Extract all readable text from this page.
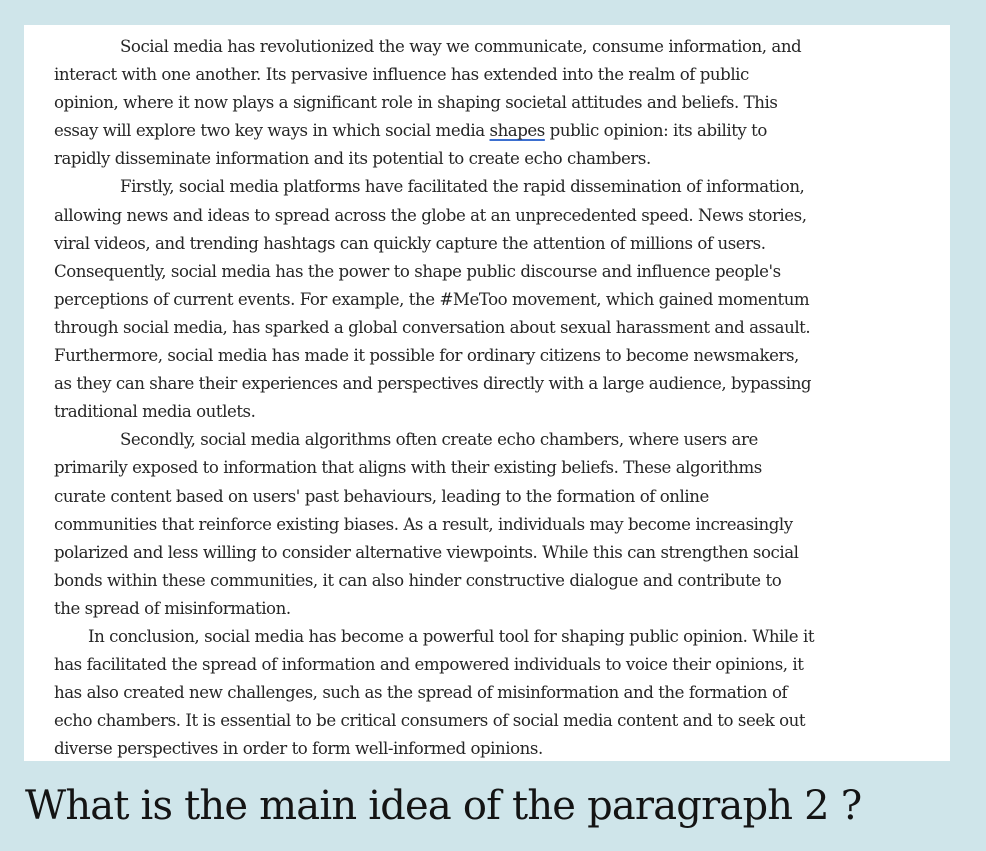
Social media has revolutionized the way we communicate, consume information, and
interact with one another. Its pervasive influence has extended into the realm of public
opinion, where it now plays a significant role in shaping societal attitudes and beliefs. This
essay will explore two key ways in which social media shapes public opinion: its ability to
rapidly disseminate information and its potential to create echo chambers.
Firstly, social media platforms have facilitated the rapid dissemination of information,
allowing news and ideas to spread across the globe at an unprecedented speed. News stories,
viral videos, and trending hashtags can quickly capture the attention of millions of users.
Consequently, social media has the power to shape public discourse and influence people's
perceptions of current events. For example, the #MeToo movement, which gained momentum
through social media, has sparked a global conversation about sexual harassment and assault.
Furthermore, social media has made it possible for ordinary citizens to become newsmakers,
as they can share their experiences and perspectives directly with a large audience, bypassing
traditional media outlets.
Secondly, social media algorithms often create echo chambers, where users are
primarily exposed to information that aligns with their existing beliefs. These algorithms
curate content based on users' past behaviours, leading to the formation of online
communities that reinforce existing biases. As a result, individuals may become increasingly
polarized and less willing to consider alternative viewpoints. While this can strengthen social
bonds within these communities, it can also hinder constructive dialogue and contribute to
the spread of misinformation.
In conclusion, social media has become a powerful tool for shaping public opinion. While it
has facilitated the spread of information and empowered individuals to voice their opinions, it
has also created new challenges, such as the spread of misinformation and the formation of
echo chambers. It is essential to be critical consumers of social media content and to seek out
diverse perspectives in order to form well-informed opinions.
What is the main idea of the paragraph 2 ?
